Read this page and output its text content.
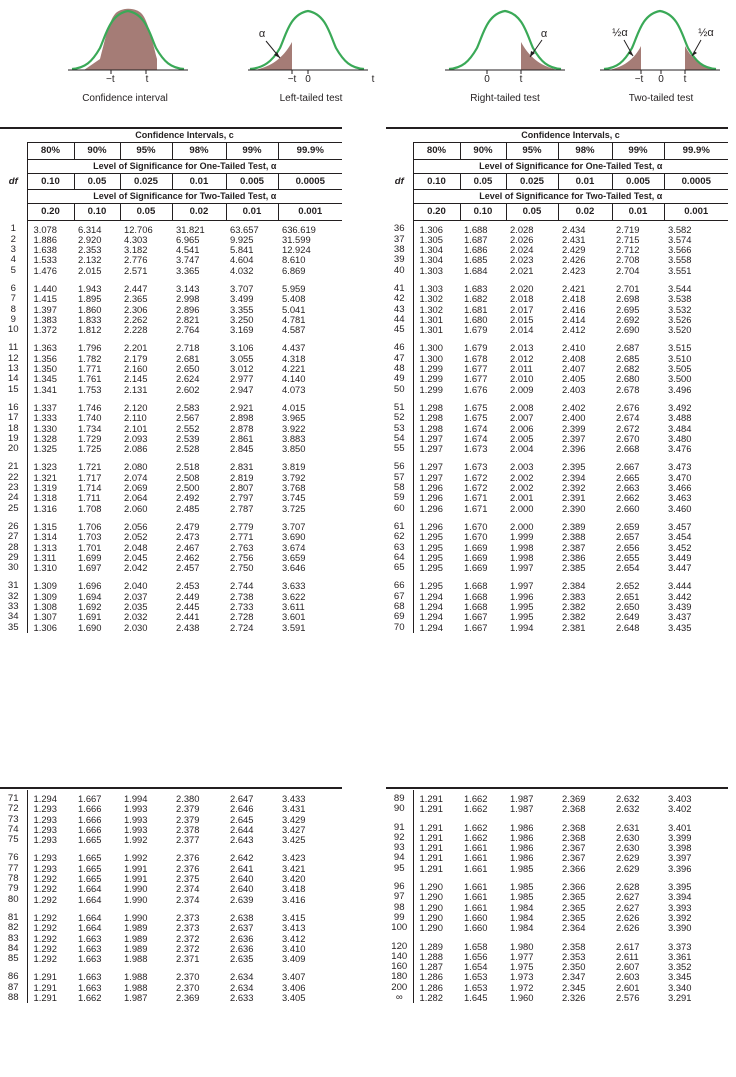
−t	t
Confidence interval
−t 0	t
α
Left-tailed test
0	t
α
Right-tailed test
−t	0	t
½α	½α
Two-tailed test
	Confidence Intervals, c					
	80%	90%	95%	98%	99%	99.9%
	Level of Significance for One-Tailed Test, α					
df	0.10	0.05	0.025	0.01	0.005	0.0005
	Level of Significance for Two-Tailed Test, α					
	0.20	0.10	0.05	0.02	0.01	0.001
1	3.078	6.314	12.706	31.821	63.657	636.619
2	1.886	2.920	4.303	6.965	9.925	31.599
3	1.638	2.353	3.182	4.541	5.841	12.924
4	1.533	2.132	2.776	3.747	4.604	8.610
5	1.476	2.015	2.571	3.365	4.032	6.869
6	1.440	1.943	2.447	3.143	3.707	5.959
7	1.415	1.895	2.365	2.998	3.499	5.408
8	1.397	1.860	2.306	2.896	3.355	5.041
9	1.383	1.833	2.262	2.821	3.250	4.781
10	1.372	1.812	2.228	2.764	3.169	4.587
11	1.363	1.796	2.201	2.718	3.106	4.437
12	1.356	1.782	2.179	2.681	3.055	4.318
13	1.350	1.771	2.160	2.650	3.012	4.221
14	1.345	1.761	2.145	2.624	2.977	4.140
15	1.341	1.753	2.131	2.602	2.947	4.073
16	1.337	1.746	2.120	2.583	2.921	4.015
17	1.333	1.740	2.110	2.567	2.898	3.965
18	1.330	1.734	2.101	2.552	2.878	3.922
19	1.328	1.729	2.093	2.539	2.861	3.883
20	1.325	1.725	2.086	2.528	2.845	3.850
21	1.323	1.721	2.080	2.518	2.831	3.819
22	1.321	1.717	2.074	2.508	2.819	3.792
23	1.319	1.714	2.069	2.500	2.807	3.768
24	1.318	1.711	2.064	2.492	2.797	3.745
25	1.316	1.708	2.060	2.485	2.787	3.725
26	1.315	1.706	2.056	2.479	2.779	3.707
27	1.314	1.703	2.052	2.473	2.771	3.690
28	1.313	1.701	2.048	2.467	2.763	3.674
29	1.311	1.699	2.045	2.462	2.756	3.659
30	1.310	1.697	2.042	2.457	2.750	3.646
31	1.309	1.696	2.040	2.453	2.744	3.633
32	1.309	1.694	2.037	2.449	2.738	3.622
33	1.308	1.692	2.035	2.445	2.733	3.611
34	1.307	1.691	2.032	2.441	2.728	3.601
35	1.306	1.690	2.030	2.438	2.724	3.591
	Confidence Intervals, c					
	80%	90%	95%	98%	99%	99.9%
	Level of Significance for One-Tailed Test, α					
df	0.10	0.05	0.025	0.01	0.005	0.0005
	Level of Significance for Two-Tailed Test, α					
	0.20	0.10	0.05	0.02	0.01	0.001
36	1.306	1.688	2.028	2.434	2.719	3.582
37	1.305	1.687	2.026	2.431	2.715	3.574
38	1.304	1.686	2.024	2.429	2.712	3.566
39	1.304	1.685	2.023	2.426	2.708	3.558
40	1.303	1.684	2.021	2.423	2.704	3.551
41	1.303	1.683	2.020	2.421	2.701	3.544
42	1.302	1.682	2.018	2.418	2.698	3.538
43	1.302	1.681	2.017	2.416	2.695	3.532
44	1.301	1.680	2.015	2.414	2.692	3.526
45	1.301	1.679	2.014	2.412	2.690	3.520
46	1.300	1.679	2.013	2.410	2.687	3.515
47	1.300	1.678	2.012	2.408	2.685	3.510
48	1.299	1.677	2.011	2.407	2.682	3.505
49	1.299	1.677	2.010	2.405	2.680	3.500
50	1.299	1.676	2.009	2.403	2.678	3.496
51	1.298	1.675	2.008	2.402	2.676	3.492
52	1.298	1.675	2.007	2.400	2.674	3.488
53	1.298	1.674	2.006	2.399	2.672	3.484
54	1.297	1.674	2.005	2.397	2.670	3.480
55	1.297	1.673	2.004	2.396	2.668	3.476
56	1.297	1.673	2.003	2.395	2.667	3.473
57	1.297	1.672	2.002	2.394	2.665	3.470
58	1.296	1.672	2.002	2.392	2.663	3.466
59	1.296	1.671	2.001	2.391	2.662	3.463
60	1.296	1.671	2.000	2.390	2.660	3.460
61	1.296	1.670	2.000	2.389	2.659	3.457
62	1.295	1.670	1.999	2.388	2.657	3.454
63	1.295	1.669	1.998	2.387	2.656	3.452
64	1.295	1.669	1.998	2.386	2.655	3.449
65	1.295	1.669	1.997	2.385	2.654	3.447
66	1.295	1.668	1.997	2.384	2.652	3.444
67	1.294	1.668	1.996	2.383	2.651	3.442
68	1.294	1.668	1.995	2.382	2.650	3.439
69	1.294	1.667	1.995	2.382	2.649	3.437
70	1.294	1.667	1.994	2.381	2.648	3.435
71	1.294	1.667	1.994	2.380	2.647	3.433
72	1.293	1.666	1.993	2.379	2.646	3.431
73	1.293	1.666	1.993	2.379	2.645	3.429
74	1.293	1.666	1.993	2.378	2.644	3.427
75	1.293	1.665	1.992	2.377	2.643	3.425
76	1.293	1.665	1.992	2.376	2.642	3.423
77	1.293	1.665	1.991	2.376	2.641	3.421
78	1.292	1.665	1.991	2.375	2.640	3.420
79	1.292	1.664	1.990	2.374	2.640	3.418
80	1.292	1.664	1.990	2.374	2.639	3.416
81	1.292	1.664	1.990	2.373	2.638	3.415
82	1.292	1.664	1.989	2.373	2.637	3.413
83	1.292	1.663	1.989	2.372	2.636	3.412
84	1.292	1.663	1.989	2.372	2.636	3.410
85	1.292	1.663	1.988	2.371	2.635	3.409
86	1.291	1.663	1.988	2.370	2.634	3.407
87	1.291	1.663	1.988	2.370	2.634	3.406
88	1.291	1.662	1.987	2.369	2.633	3.405
89	1.291	1.662	1.987	2.369	2.632	3.403
90	1.291	1.662	1.987	2.368	2.632	3.402
91	1.291	1.662	1.986	2.368	2.631	3.401
92	1.291	1.662	1.986	2.368	2.630	3.399
93	1.291	1.661	1.986	2.367	2.630	3.398
94	1.291	1.661	1.986	2.367	2.629	3.397
95	1.291	1.661	1.985	2.366	2.629	3.396
96	1.290	1.661	1.985	2.366	2.628	3.395
97	1.290	1.661	1.985	2.365	2.627	3.394
98	1.290	1.661	1.984	2.365	2.627	3.393
99	1.290	1.660	1.984	2.365	2.626	3.392
100	1.290	1.660	1.984	2.364	2.626	3.390
120	1.289	1.658	1.980	2.358	2.617	3.373
140	1.288	1.656	1.977	2.353	2.611	3.361
160	1.287	1.654	1.975	2.350	2.607	3.352
180	1.286	1.653	1.973	2.347	2.603	3.345
200	1.286	1.653	1.972	2.345	2.601	3.340
∞	1.282	1.645	1.960	2.326	2.576	3.291
